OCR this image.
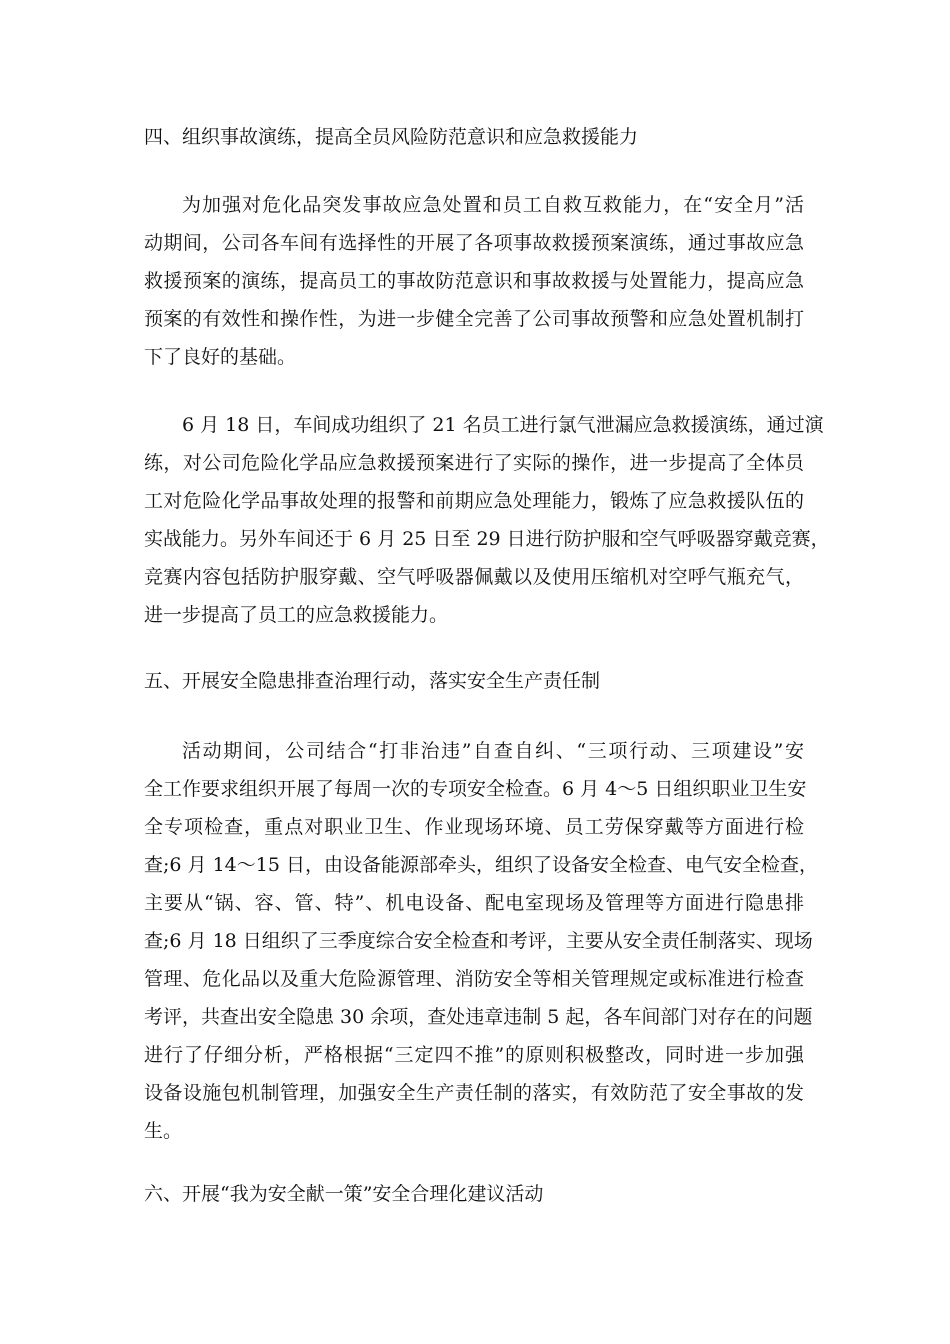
四、组织事故演练，提高全员风险防范意识和应急救援能力
为加强对危化品突发事故应急处置和员工自救互救能力，在“安全月”活
动期间，公司各车间有选择性的开展了各项事故救援预案演练，通过事故应急
救援预案的演练，提高员工的事故防范意识和事故救援与处置能力，提高应急
预案的有效性和操作性，为进一步健全完善了公司事故预警和应急处置机制打
下了良好的基础。
6 月 18 日，车间成功组织了 21 名员工进行氯气泄漏应急救援演练，通过演
练，对公司危险化学品应急救援预案进行了实际的操作，进一步提高了全体员
工对危险化学品事故处理的报警和前期应急处理能力，锻炼了应急救援队伍的
实战能力。另外车间还于 6 月 25 日至 29 日进行防护服和空气呼吸器穿戴竞赛，
竞赛内容包括防护服穿戴、空气呼吸器佩戴以及使用压缩机对空呼气瓶充气，
进一步提高了员工的应急救援能力。
五、开展安全隐患排查治理行动，落实安全生产责任制
活动期间，公司结合“打非治违”自查自纠、“三项行动、三项建设”安
全工作要求组织开展了每周一次的专项安全检查。6 月 4～5 日组织职业卫生安
全专项检查，重点对职业卫生、作业现场环境、员工劳保穿戴等方面进行检
查;6 月 14～15 日，由设备能源部牵头，组织了设备安全检查、电气安全检查，
主要从“锅、容、管、特”、机电设备、配电室现场及管理等方面进行隐患排
查;6 月 18 日组织了三季度综合安全检查和考评，主要从安全责任制落实、现场
管理、危化品以及重大危险源管理、消防安全等相关管理规定或标准进行检查
考评，共查出安全隐患 30 余项，查处违章违制 5 起，各车间部门对存在的问题
进行了仔细分析，严格根据“三定四不推”的原则积极整改，同时进一步加强
设备设施包机制管理，加强安全生产责任制的落实，有效防范了安全事故的发
生。
六、开展“我为安全献一策”安全合理化建议活动
